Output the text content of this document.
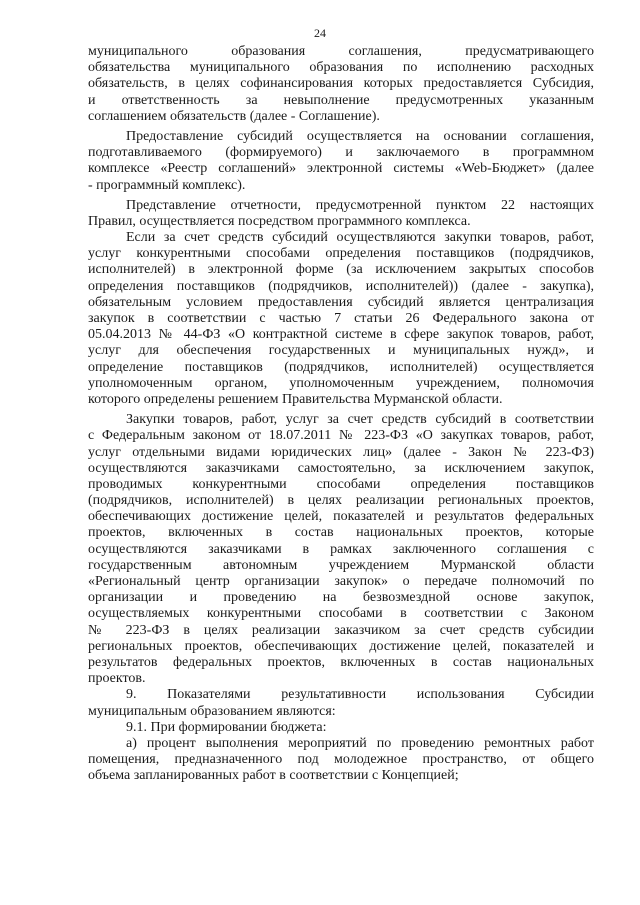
24
муниципального образования соглашения, предусматривающего
обязательства муниципального образования по исполнению расходных
обязательств, в целях софинансирования которых предоставляется Субсидия,
и ответственность за невыполнение предусмотренных указанным
соглашением обязательств (далее - Соглашение).
Предоставление субсидий осуществляется на основании соглашения,
подготавливаемого (формируемого) и заключаемого в программном
комплексе «Реестр соглашений» электронной системы «Web-Бюджет» (далее
- программный комплекс).
Представление отчетности, предусмотренной пунктом 22 настоящих
Правил, осуществляется посредством программного комплекса.
Если за счет средств субсидий осуществляются закупки товаров, работ,
услуг конкурентными способами определения поставщиков (подрядчиков,
исполнителей) в электронной форме (за исключением закрытых способов
определения поставщиков (подрядчиков, исполнителей)) (далее - закупка),
обязательным условием предоставления субсидий является централизация
закупок в соответствии с частью 7 статьи 26 Федерального закона от
05.04.2013 № 44-ФЗ «О контрактной системе в сфере закупок товаров, работ,
услуг для обеспечения государственных и муниципальных нужд», и
определение поставщиков (подрядчиков, исполнителей) осуществляется
уполномоченным органом, уполномоченным учреждением, полномочия
которого определены решением Правительства Мурманской области.
Закупки товаров, работ, услуг за счет средств субсидий в соответствии
с Федеральным законом от 18.07.2011 № 223-ФЗ «О закупках товаров, работ,
услуг отдельными видами юридических лиц» (далее - Закон № 223-ФЗ)
осуществляются заказчиками самостоятельно, за исключением закупок,
проводимых конкурентными способами определения поставщиков
(подрядчиков, исполнителей) в целях реализации региональных проектов,
обеспечивающих достижение целей, показателей и результатов федеральных
проектов, включенных в состав национальных проектов, которые
осуществляются заказчиками в рамках заключенного соглашения с
государственным автономным учреждением Мурманской области
«Региональный центр организации закупок» о передаче полномочий по
организации и проведению на безвозмездной основе закупок,
осуществляемых конкурентными способами в соответствии с Законом
№ 223-ФЗ в целях реализации заказчиком за счет средств субсидии
региональных проектов, обеспечивающих достижение целей, показателей и
результатов федеральных проектов, включенных в состав национальных
проектов.
9. Показателями результативности использования Субсидии
муниципальным образованием являются:
9.1. При формировании бюджета:
а) процент выполнения мероприятий по проведению ремонтных работ
помещения, предназначенного под молодежное пространство, от общего
объема запланированных работ в соответствии с Концепцией;
